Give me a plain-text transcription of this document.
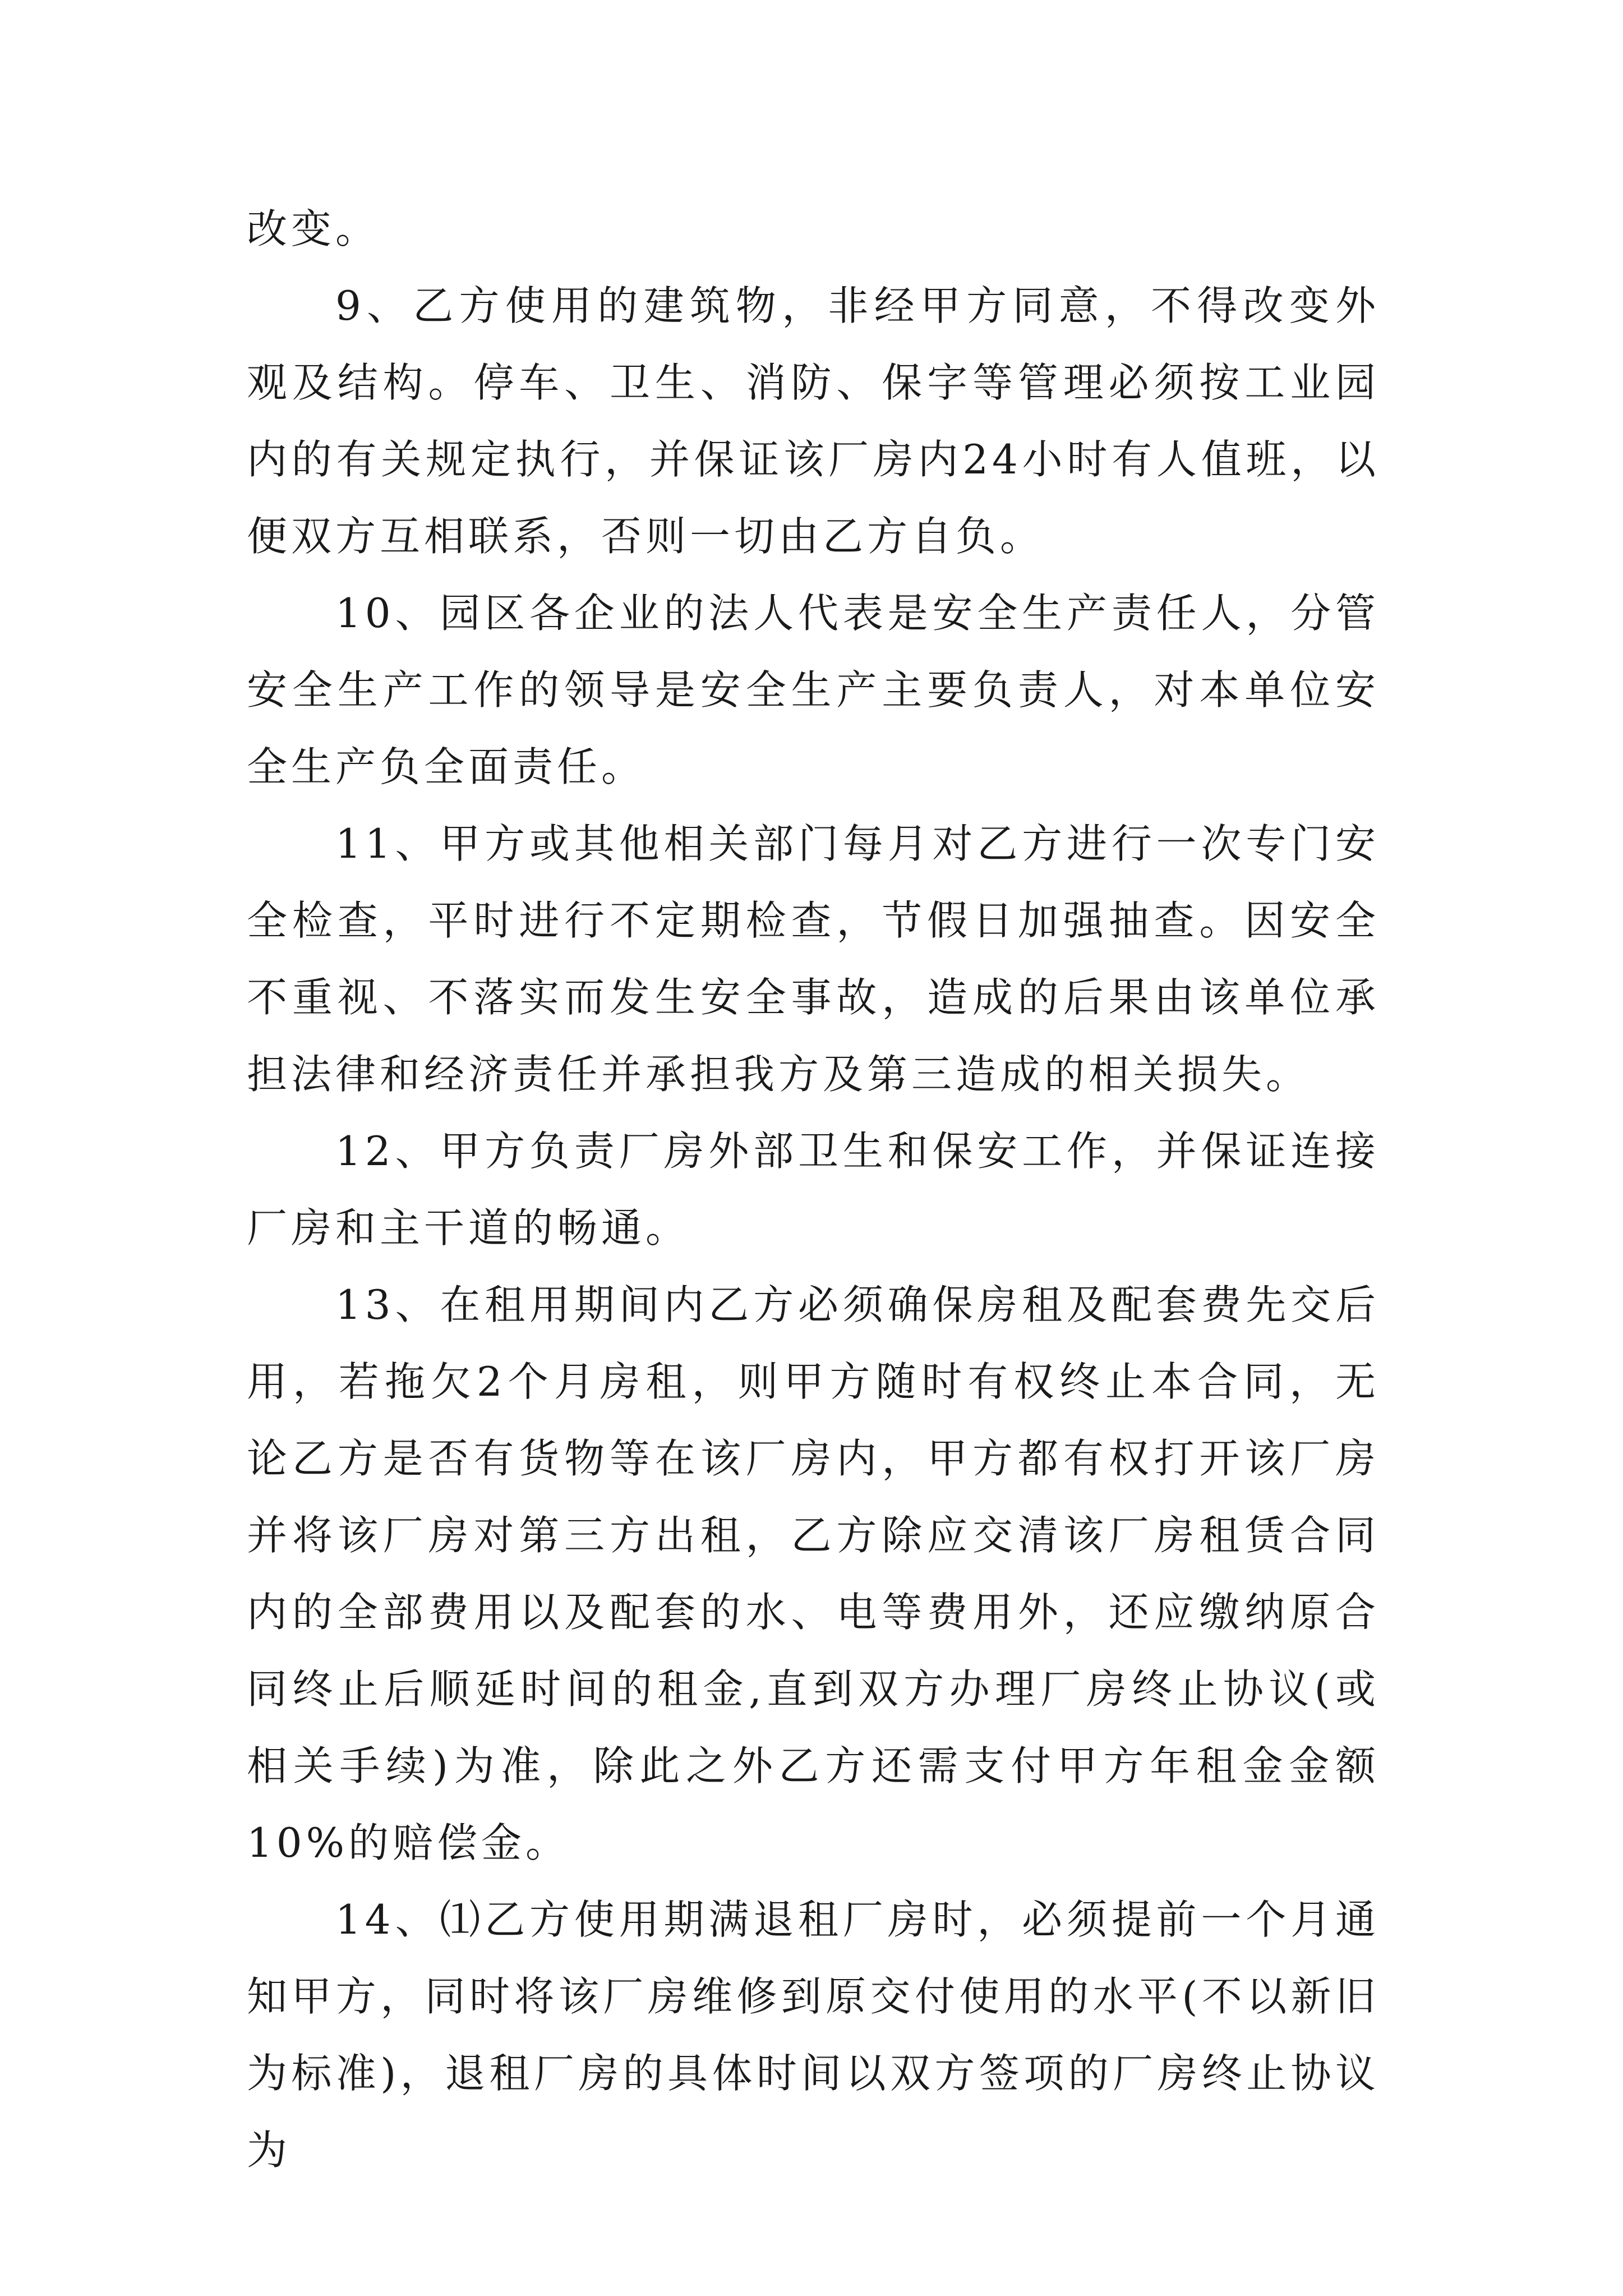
改变。

9、乙方使用的建筑物，非经甲方同意，不得改变外观及结构。停车、卫生、消防、保字等管理必须按工业园内的有关规定执行，并保证该厂房内24小时有人值班，以便双方互相联系，否则一切由乙方自负。

10、园区各企业的法人代表是安全生产责任人，分管安全生产工作的领导是安全生产主要负责人，对本单位安全生产负全面责任。

11、甲方或其他相关部门每月对乙方进行一次专门安全检查，平时进行不定期检查，节假日加强抽查。因安全不重视、不落实而发生安全事故，造成的后果由该单位承担法律和经济责任并承担我方及第三造成的相关损失。

12、甲方负责厂房外部卫生和保安工作，并保证连接厂房和主干道的畅通。

13、在租用期间内乙方必须确保房租及配套费先交后用，若拖欠2个月房租，则甲方随时有权终止本合同，无论乙方是否有货物等在该厂房内，甲方都有权打开该厂房并将该厂房对第三方出租，乙方除应交清该厂房租赁合同内的全部费用以及配套的水、电等费用外，还应缴纳原合同终止后顺延时间的租金,直到双方办理厂房终止协议(或相关手续)为准，除此之外乙方还需支付甲方年租金金额10%的赔偿金。

14、⑴乙方使用期满退租厂房时，必须提前一个月通知甲方，同时将该厂房维修到原交付使用的水平(不以新旧为标准)，退租厂房的具体时间以双方签项的厂房终止协议为
